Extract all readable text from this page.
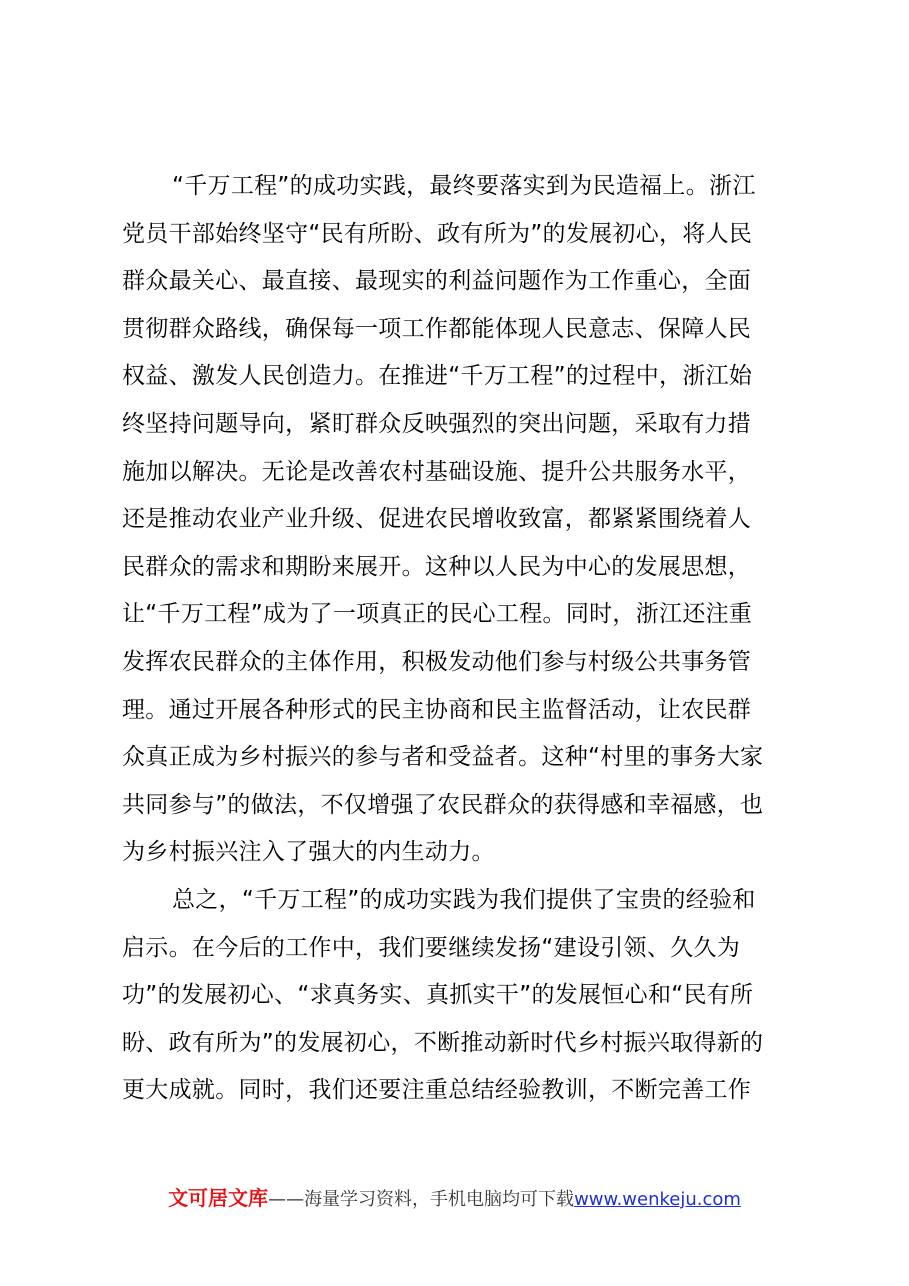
“千万工程”的成功实践，最终要落实到为民造福上。浙江
党员干部始终坚守“民有所盼、政有所为”的发展初心，将人民
群众最关心、最直接、最现实的利益问题作为工作重心，全面
贯彻群众路线，确保每一项工作都能体现人民意志、保障人民
权益、激发人民创造力。在推进“千万工程”的过程中，浙江始
终坚持问题导向，紧盯群众反映强烈的突出问题，采取有力措
施加以解决。无论是改善农村基础设施、提升公共服务水平，
还是推动农业产业升级、促进农民增收致富，都紧紧围绕着人
民群众的需求和期盼来展开。这种以人民为中心的发展思想，
让“千万工程”成为了一项真正的民心工程。同时，浙江还注重
发挥农民群众的主体作用，积极发动他们参与村级公共事务管
理。通过开展各种形式的民主协商和民主监督活动，让农民群
众真正成为乡村振兴的参与者和受益者。这种“村里的事务大家
共同参与”的做法，不仅增强了农民群众的获得感和幸福感，也
为乡村振兴注入了强大的内生动力。
总之，“千万工程”的成功实践为我们提供了宝贵的经验和
启示。在今后的工作中，我们要继续发扬“建设引领、久久为
功”的发展初心、“求真务实、真抓实干”的发展恒心和“民有所
盼、政有所为”的发展初心，不断推动新时代乡村振兴取得新的
更大成就。同时，我们还要注重总结经验教训，不断完善工作
文可居文库——海量学习资料，手机电脑均可下载www.wenkeju.com
